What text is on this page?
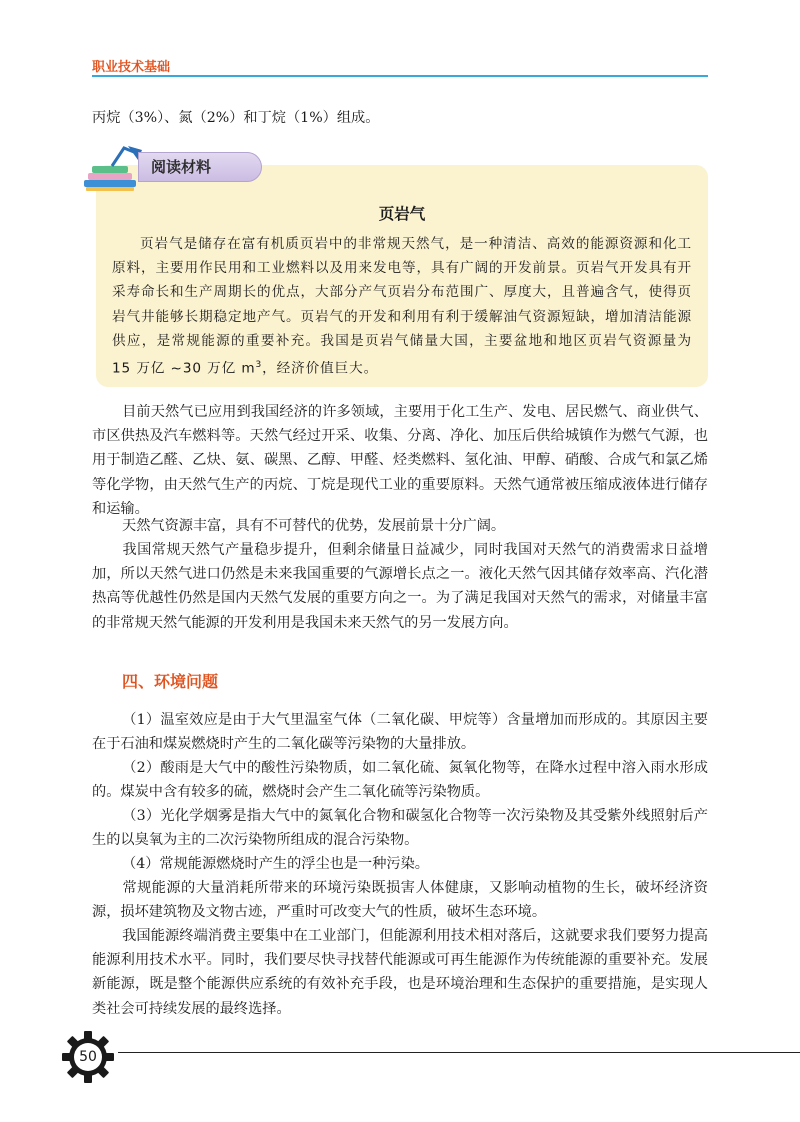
职业技术基础

丙烷（3%）、氮（2%）和丁烷（1%）组成。

阅读材料
页岩气

页岩气是储存在富有机质页岩中的非常规天然气，是一种清洁、高效的能源资源和化工原料，主要用作民用和工业燃料以及用来发电等，具有广阔的开发前景。页岩气开发具有开采寿命长和生产周期长的优点，大部分产气页岩分布范围广、厚度大，且普遍含气，使得页岩气井能够长期稳定地产气。页岩气的开发和利用有利于缓解油气资源短缺，增加清洁能源供应，是常规能源的重要补充。我国是页岩气储量大国，主要盆地和地区页岩气资源量为 15 万亿 ~30 万亿 $m^3$，经济价值巨大。

目前天然气已应用到我国经济的许多领域，主要用于化工生产、发电、居民燃气、商业供气、市区供热及汽车燃料等。天然气经过开采、收集、分离、净化、加压后供给城镇作为燃气气源，也用于制造乙醛、乙炔、氨、碳黑、乙醇、甲醛、烃类燃料、氢化油、甲醇、硝酸、合成气和氯乙烯等化学物，由天然气生产的丙烷、丁烷是现代工业的重要原料。天然气通常被压缩成液体进行储存和运输。

天然气资源丰富，具有不可替代的优势，发展前景十分广阔。

我国常规天然气产量稳步提升，但剩余储量日益减少，同时我国对天然气的消费需求日益增加，所以天然气进口仍然是未来我国重要的气源增长点之一。液化天然气因其储存效率高、汽化潜热高等优越性仍然是国内天然气发展的重要方向之一。为了满足我国对天然气的需求，对储量丰富的非常规天然气能源的开发利用是我国未来天然气的另一发展方向。

四、环境问题

（1）温室效应是由于大气里温室气体（二氧化碳、甲烷等）含量增加而形成的。其原因主要在于石油和煤炭燃烧时产生的二氧化碳等污染物的大量排放。

（2）酸雨是大气中的酸性污染物质，如二氧化硫、氮氧化物等，在降水过程中溶入雨水形成的。煤炭中含有较多的硫，燃烧时会产生二氧化硫等污染物质。

（3）光化学烟雾是指大气中的氮氧化合物和碳氢化合物等一次污染物及其受紫外线照射后产生的以臭氧为主的二次污染物所组成的混合污染物。

（4）常规能源燃烧时产生的浮尘也是一种污染。

常规能源的大量消耗所带来的环境污染既损害人体健康，又影响动植物的生长，破坏经济资源，损坏建筑物及文物古迹，严重时可改变大气的性质，破坏生态环境。

我国能源终端消费主要集中在工业部门，但能源利用技术相对落后，这就要求我们要努力提高能源利用技术水平。同时，我们要尽快寻找替代能源或可再生能源作为传统能源的重要补充。发展新能源，既是整个能源供应系统的有效补充手段，也是环境治理和生态保护的重要措施，是实现人类社会可持续发展的最终选择。

50
